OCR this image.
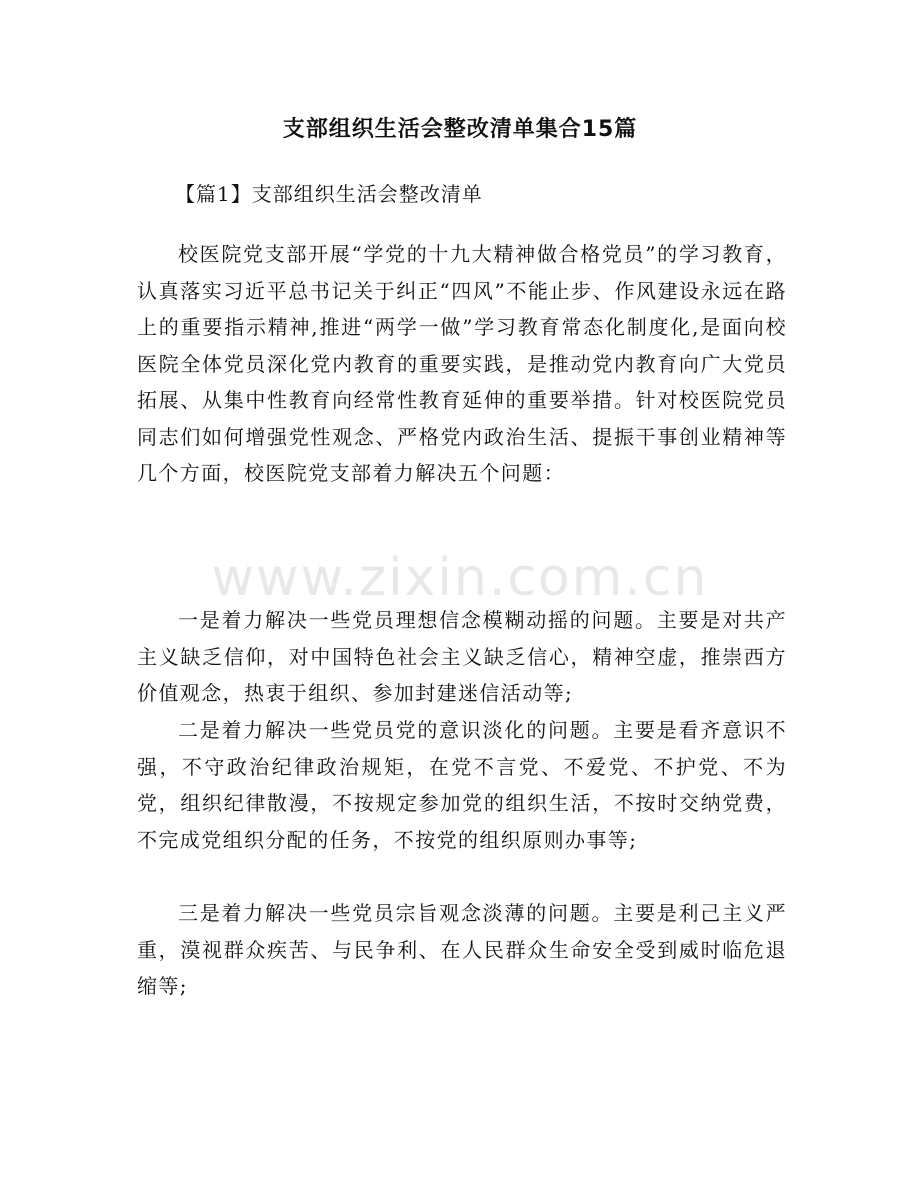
支部组织生活会整改清单集合15篇
【篇1】支部组织生活会整改清单

校医院党支部开展“学党的十九大精神做合格党员”的学习教育，认真落实习近平总书记关于纠正“四风”不能止步、作风建设永远在路上的重要指示精神,推进“两学一做”学习教育常态化制度化,是面向校医院全体党员深化党内教育的重要实践，是推动党内教育向广大党员拓展、从集中性教育向经常性教育延伸的重要举措。针对校医院党员同志们如何增强党性观念、严格党内政治生活、提振干事创业精神等几个方面，校医院党支部着力解决五个问题：

一是着力解决一些党员理想信念模糊动摇的问题。主要是对共产主义缺乏信仰，对中国特色社会主义缺乏信心，精神空虚，推崇西方价值观念，热衷于组织、参加封建迷信活动等;

二是着力解决一些党员党的意识淡化的问题。主要是看齐意识不强，不守政治纪律政治规矩，在党不言党、不爱党、不护党、不为党，组织纪律散漫，不按规定参加党的组织生活，不按时交纳党费，不完成党组织分配的任务，不按党的组织原则办事等;

三是着力解决一些党员宗旨观念淡薄的问题。主要是利己主义严重，漠视群众疾苦、与民争利、在人民群众生命安全受到威时临危退缩等;

www.zixin.com.cn
